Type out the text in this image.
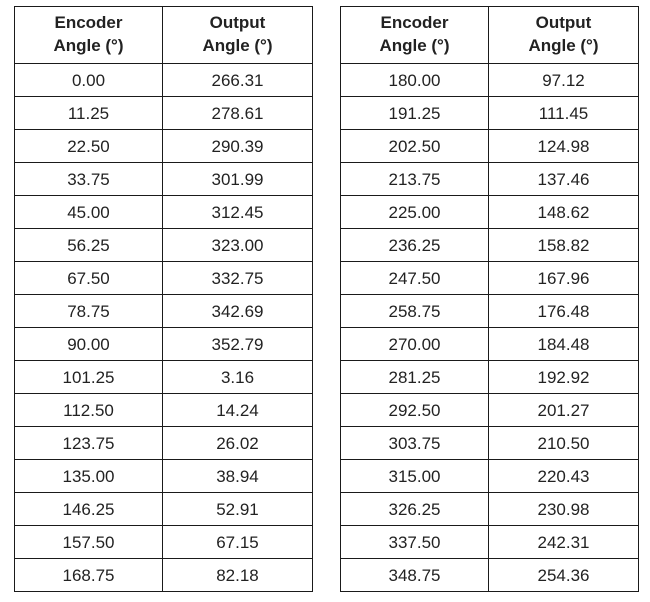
Encoder
Angle (°)	Output
Angle (°)
0.00	266.31
11.25	278.61
22.50	290.39
33.75	301.99
45.00	312.45
56.25	323.00
67.50	332.75
78.75	342.69
90.00	352.79
101.25	3.16
112.50	14.24
123.75	26.02
135.00	38.94
146.25	52.91
157.50	67.15
168.75	82.18
Encoder
Angle (°)	Output
Angle (°)
180.00	97.12
191.25	111.45
202.50	124.98
213.75	137.46
225.00	148.62
236.25	158.82
247.50	167.96
258.75	176.48
270.00	184.48
281.25	192.92
292.50	201.27
303.75	210.50
315.00	220.43
326.25	230.98
337.50	242.31
348.75	254.36
